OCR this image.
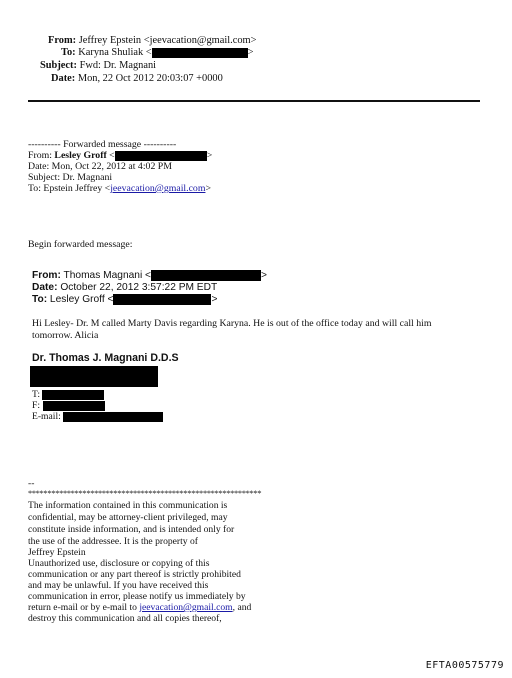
From: Jeffrey Epstein <jeevacation@gmail.com>
To: Karyna Shuliak <	>
Subject: Fwd: Dr. Magnani
Date: Mon, 22 Oct 2012 20:03:07 +0000
---------- Forwarded message ----------
From: Lesley Groff <	>
Date: Mon, Oct 22, 2012 at 4:02 PM
Subject: Dr. Magnani
To: Epstein Jeffrey <jeevacation@gmail.com>
Begin forwarded message:
From: Thomas Magnani <	>
Date: October 22, 2012 3:57:22 PM EDT
To: Lesley Groff <	>
Hi Lesley- Dr. M called Marty Davis regarding Karyna. He is out of the office today and will call him
tomorrow. Alicia
Dr. Thomas J. Magnani D.D.S
T:
F:
E-mail:
--
************************************************************
The information contained in this communication is
confidential, may be attorney-client privileged, may
constitute inside information, and is intended only for
the use of the addressee. It is the property of
Jeffrey Epstein
Unauthorized use, disclosure or copying of this
communication or any part thereof is strictly prohibited
and may be unlawful. If you have received this
communication in error, please notify us immediately by
return e-mail or by e-mail to jeevacation@gmail.com, and
destroy this communication and all copies thereof,
EFTA00575779
